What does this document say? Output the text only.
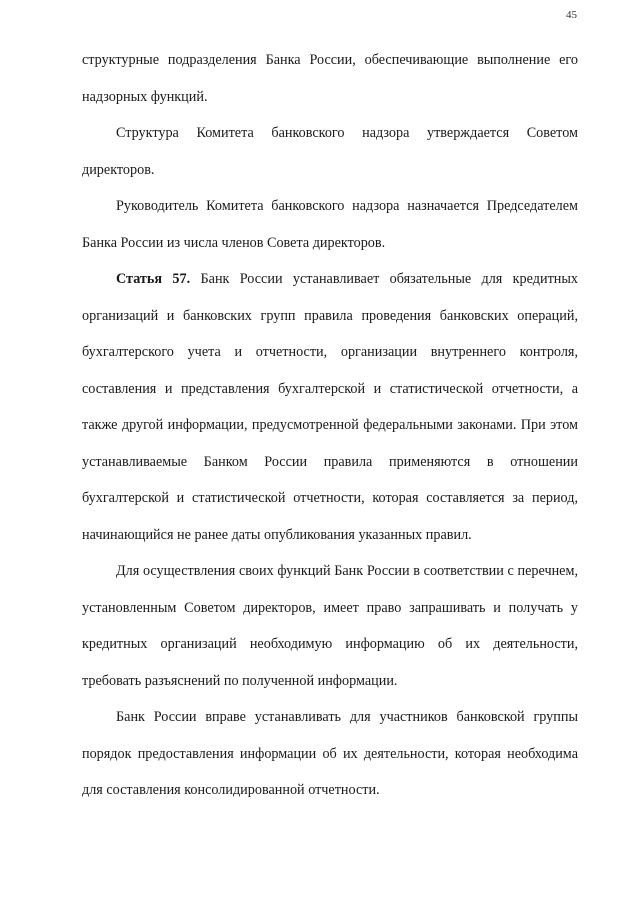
45

структурные подразделения Банка России, обеспечивающие выполнение его надзорных функций.

Структура Комитета банковского надзора утверждается Советом директоров.

Руководитель Комитета банковского надзора назначается Председателем Банка России из числа членов Совета директоров.

Статья 57. Банк России устанавливает обязательные для кредитных организаций и банковских групп правила проведения банковских операций, бухгалтерского учета и отчетности, организации внутреннего контроля, составления и представления бухгалтерской и статистической отчетности, а также другой информации, предусмотренной федеральными законами. При этом устанавливаемые Банком России правила применяются в отношении бухгалтерской и статистической отчетности, которая составляется за период, начинающийся не ранее даты опубликования указанных правил.

Для осуществления своих функций Банк России в соответствии с перечнем, установленным Советом директоров, имеет право запрашивать и получать у кредитных организаций необходимую информацию об их деятельности, требовать разъяснений по полученной информации.

Банк России вправе устанавливать для участников банковской группы порядок предоставления информации об их деятельности, которая необходима для составления консолидированной отчетности.
